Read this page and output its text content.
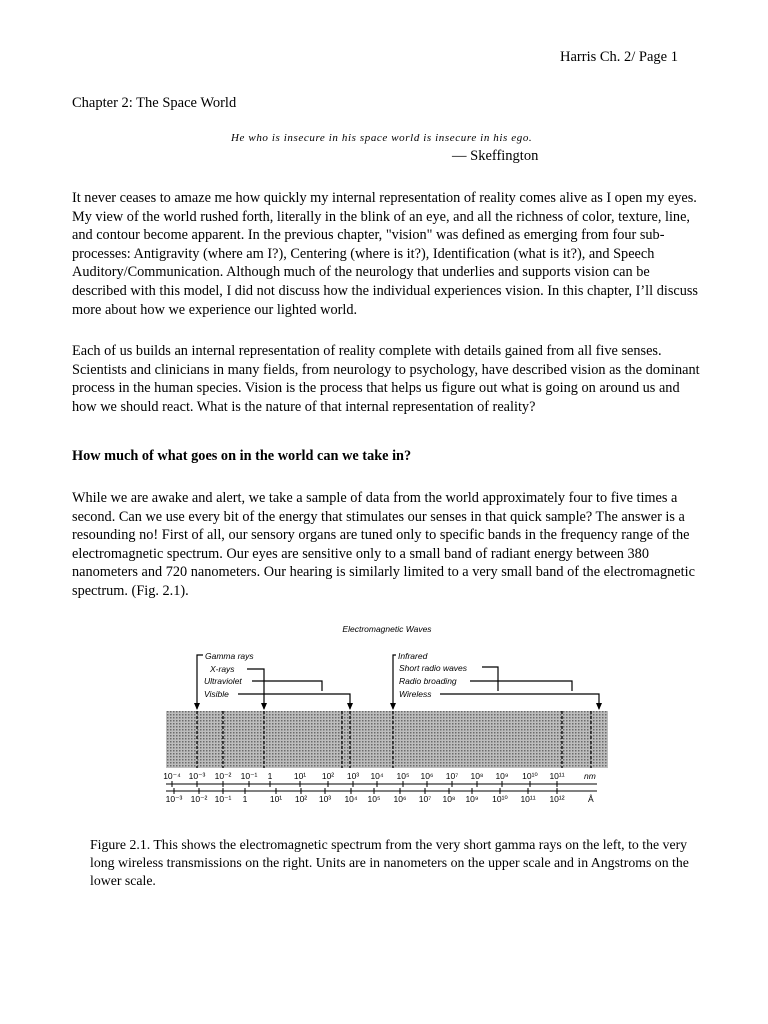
Harris Ch. 2/ Page 1
Chapter 2: The Space World
He who is insecure in his space world is insecure in his ego.
— Skeffington

It never ceases to amaze me how quickly my internal representation of reality comes alive as I open my eyes. My view of the world rushed forth, literally in the blink of an eye, and all the richness of color, texture, line, and contour become apparent. In the previous chapter, "vision" was defined as emerging from four sub-processes: Antigravity (where am I?), Centering (where is it?), Identification (what is it?), and Speech Auditory/Communication. Although much of the neurology that underlies and supports vision can be described with this model, I did not discuss how the individual experiences vision. In this chapter, I’ll discuss more about how we experience our lighted world.

Each of us builds an internal representation of reality complete with details gained from all five senses. Scientists and clinicians in many fields, from neurology to psychology, have described vision as the dominant process in the human species. Vision is the process that helps us figure out what is going on around us and how we should react. What is the nature of that internal representation of reality?

How much of what goes on in the world can we take in?

While we are awake and alert, we take a sample of data from the world approximately four to five times a second. Can we use every bit of the energy that stimulates our senses in that quick sample? The answer is a resounding no! First of all, our sensory organs are tuned only to specific bands in the frequency range of the electromagnetic spectrum. Our eyes are sensitive only to a small band of radiant energy between 380 nanometers and 720 nanometers. Our hearing is similarly limited to a very small band of the electromagnetic spectrum. (Fig. 2.1).

Electromagnetic Waves
Gamma rays
X-rays
Ultraviolet
Visible
Infrared
Short radio waves
Radio broading
Wireless
10⁻⁴ 10⁻³ 10⁻² 10⁻¹ 1	10¹ 10² 10³ 10⁴ 10⁵ 10⁶ 10⁷ 10⁸ 10⁹ 10¹⁰ 10¹¹
10⁻³ 10⁻² 10⁻¹ 1	10¹ 10² 10³ 10⁴ 10⁵ 10⁶ 10⁷ 10⁸ 10⁹ 10¹⁰ 10¹¹ 10¹²
nm
Å

Figure 2.1. This shows the electromagnetic spectrum from the very short gamma rays on the left, to the very long wireless transmissions on the right. Units are in nanometers on the upper scale and in Angstroms on the lower scale.
